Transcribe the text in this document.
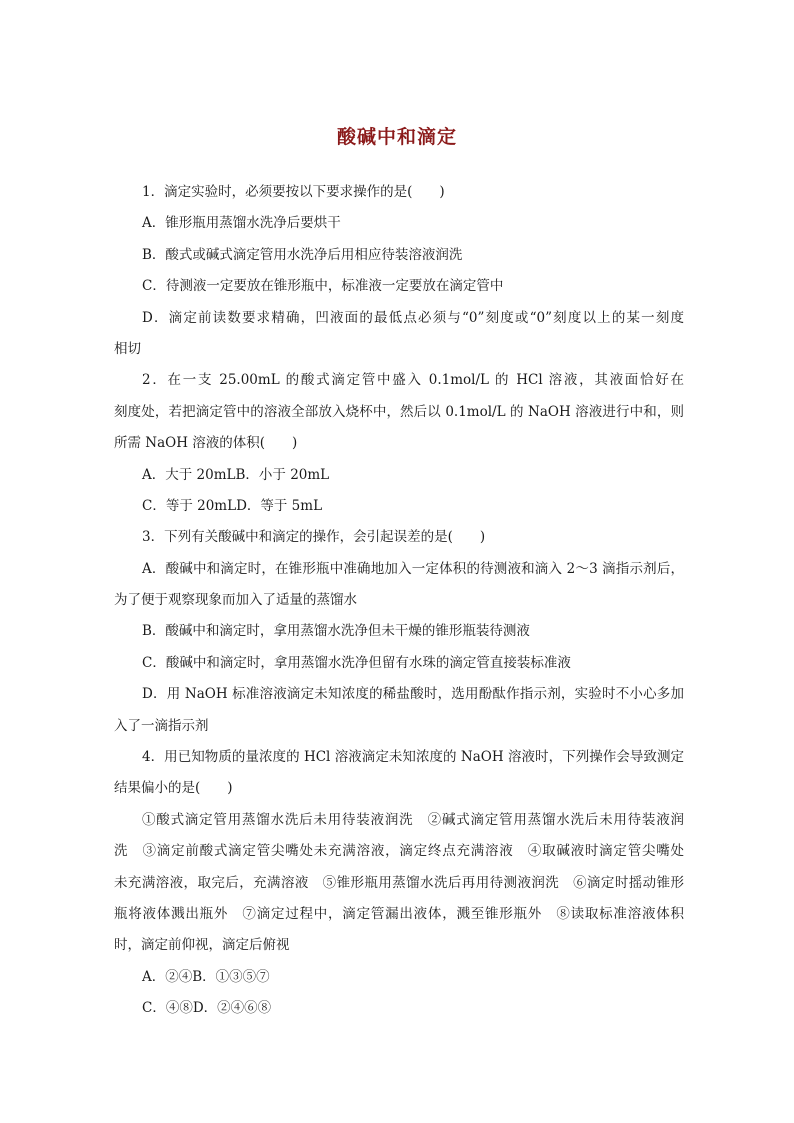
酸碱中和滴定
1．滴定实验时，必须要按以下要求操作的是(　　)
A．锥形瓶用蒸馏水洗净后要烘干
B．酸式或碱式滴定管用水洗净后用相应待装溶液润洗
C．待测液一定要放在锥形瓶中，标准液一定要放在滴定管中
D．滴定前读数要求精确，凹液面的最低点必须与“0”刻度或“0”刻度以上的某一刻度
相切
2．在一支 25.00mL 的酸式滴定管中盛入 0.1mol/L 的 HCl 溶液，其液面恰好在
刻度处，若把滴定管中的溶液全部放入烧杯中，然后以 0.1mol/L 的 NaOH 溶液进行中和，则
所需 NaOH 溶液的体积(　　)
A．大于 20mLB．小于 20mL
C．等于 20mLD．等于 5mL
3．下列有关酸碱中和滴定的操作，会引起误差的是(　　)
A．酸碱中和滴定时，在锥形瓶中准确地加入一定体积的待测液和滴入 2～3 滴指示剂后，
为了便于观察现象而加入了适量的蒸馏水
B．酸碱中和滴定时，拿用蒸馏水洗净但未干燥的锥形瓶装待测液
C．酸碱中和滴定时，拿用蒸馏水洗净但留有水珠的滴定管直接装标准液
D．用 NaOH 标准溶液滴定未知浓度的稀盐酸时，选用酚酞作指示剂，实验时不小心多加
入了一滴指示剂
4．用已知物质的量浓度的 HCl 溶液滴定未知浓度的 NaOH 溶液时，下列操作会导致测定
结果偏小的是(　　)
①酸式滴定管用蒸馏水洗后未用待装液润洗　②碱式滴定管用蒸馏水洗后未用待装液润
洗　③滴定前酸式滴定管尖嘴处未充满溶液，滴定终点充满溶液　④取碱液时滴定管尖嘴处
未充满溶液，取完后，充满溶液　⑤锥形瓶用蒸馏水洗后再用待测液润洗　⑥滴定时摇动锥形
瓶将液体溅出瓶外　⑦滴定过程中，滴定管漏出液体，溅至锥形瓶外　⑧读取标准溶液体积
时，滴定前仰视，滴定后俯视
A．②④B．①③⑤⑦
C．④⑧D．②④⑥⑧
